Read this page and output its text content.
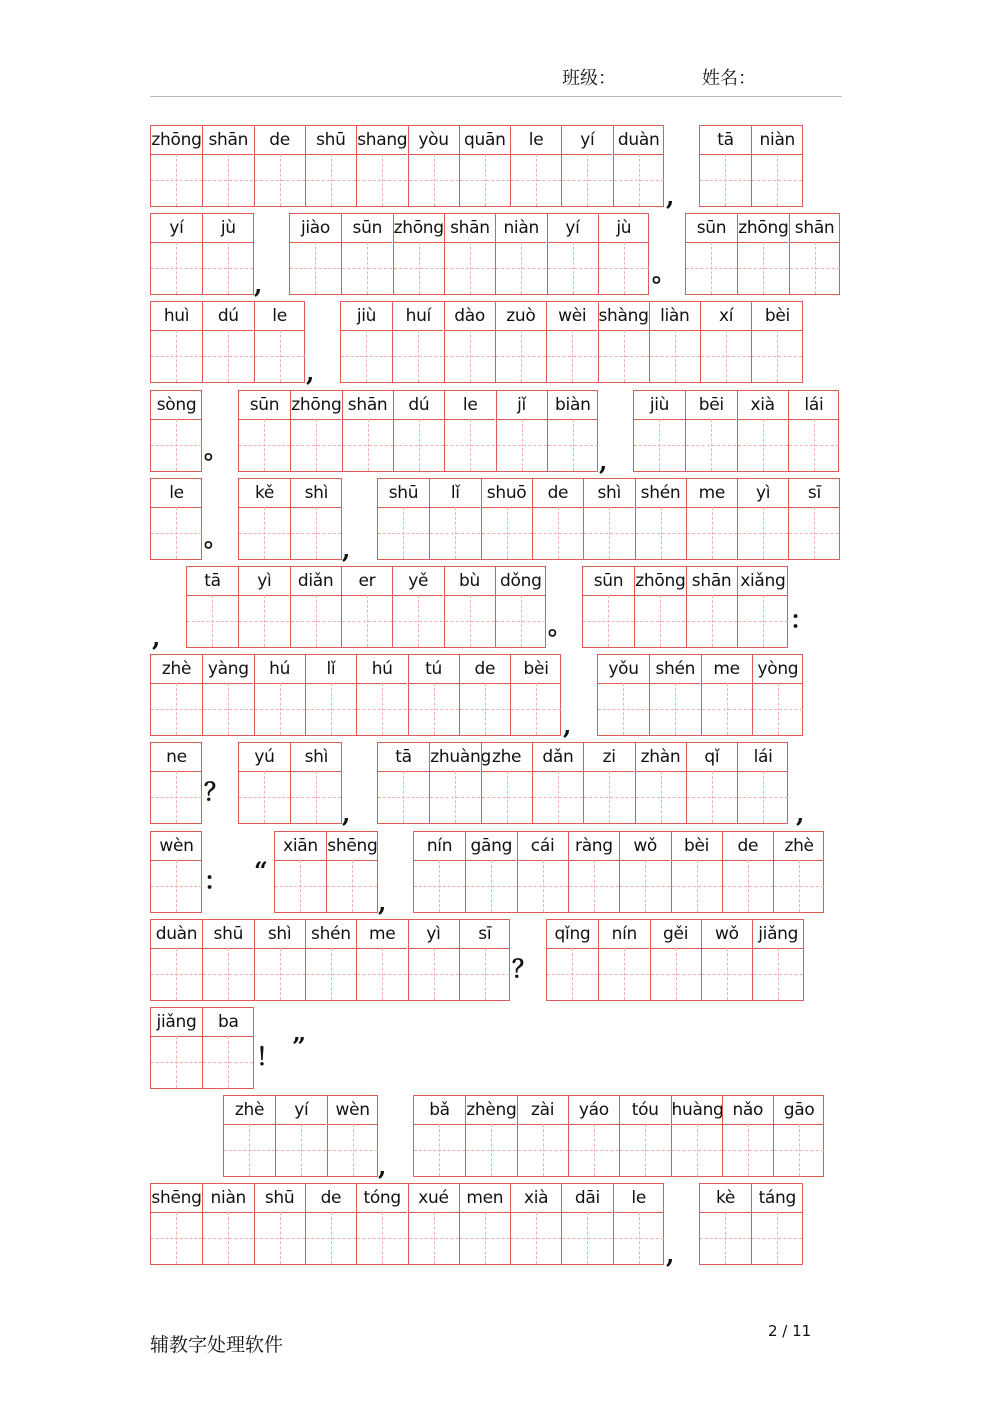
班级：	姓名：
zhōng shān	de	shū shang yòu quān	le	yí	duàn	tā	niàn
,
yí	jù	jiào	sūn zhōng shān niàn	yí	jù	sūn zhōng shān
,	。
huì	dú	le	jiù	huí	dào	zuò	wèi shàng liàn	xí	bèi
,
sòng	sūn zhōng shān	dú	le	jǐ	biàn	jiù	bēi	xià	lái
。	,
le	kě	shì	shū	lǐ	shuō	de	shì	shén	me	yì	sī
。	,
tā	yì	diǎn	er	yě	bù	dǒng	sūn zhōng shān xiǎng
,	。	：
zhè yàng	hú	lǐ	hú	tú	de	bèi	yǒu shén	me	yòng
,
ne	yú	shì	tā	zhuàng zhe	dǎn	zi	zhàn	qǐ	lái
？
,	,
wèn	xiān shēng	nín	gāng	cái	ràng	wǒ	bèi	de	zhè
： “
,
duàn shū	shì	shén	me	yì	sī	qǐng	nín	gěi	wǒ	jiǎng
？
jiǎng	ba
！ ”
zhè	yí	wèn	bǎ zhèng zài	yáo	tóu huàng nǎo	gāo
,
shēng niàn	shū	de	tóng	xué	men	xià	dāi	le	kè	táng
,
辅教字处理软件
2 / 11
